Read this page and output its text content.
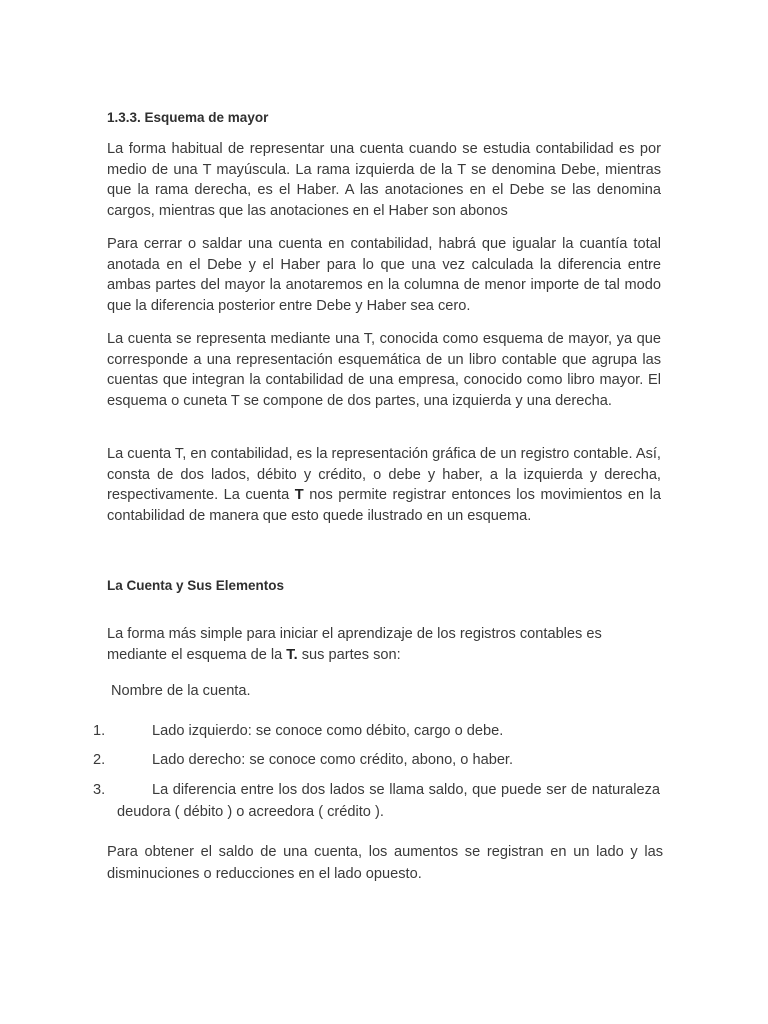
1.3.3. Esquema de mayor

La forma habitual de representar una cuenta cuando se estudia contabilidad es por medio de una T mayúscula. La rama izquierda de la T se denomina Debe, mientras que la rama derecha, es el Haber. A las anotaciones en el Debe se las denomina cargos, mientras que las anotaciones en el Haber son abonos

Para cerrar o saldar una cuenta en contabilidad, habrá que igualar la cuantía total anotada en el Debe y el Haber para lo que una vez calculada la diferencia entre ambas partes del mayor la anotaremos en la columna de menor importe de tal modo que la diferencia posterior entre Debe y Haber sea cero.

La cuenta se representa mediante una T, conocida como esquema de mayor, ya que corresponde a una representación esquemática de un libro contable que agrupa las cuentas que integran la contabilidad de una empresa, conocido como libro mayor. El esquema o cuneta T se compone de dos partes, una izquierda y una derecha.

La cuenta T, en contabilidad, es la representación gráfica de un registro contable. Así, consta de dos lados, débito y crédito, o debe y haber, a la izquierda y derecha, respectivamente. La cuenta T nos permite registrar entonces los movimientos en la contabilidad de manera que esto quede ilustrado en un esquema.

La Cuenta y Sus Elementos

La forma más simple para iniciar el aprendizaje de los registros contables es mediante el esquema de la T. sus partes son:

Nombre de la cuenta.

1.	Lado izquierdo: se conoce como débito, cargo o debe.

2.	Lado derecho: se conoce como crédito, abono, o haber.

3.	La diferencia entre los dos lados se llama saldo, que puede ser de naturaleza deudora ( débito ) o acreedora ( crédito ).

Para obtener el saldo de una cuenta, los aumentos se registran en un lado y las disminuciones o reducciones en el lado opuesto.
